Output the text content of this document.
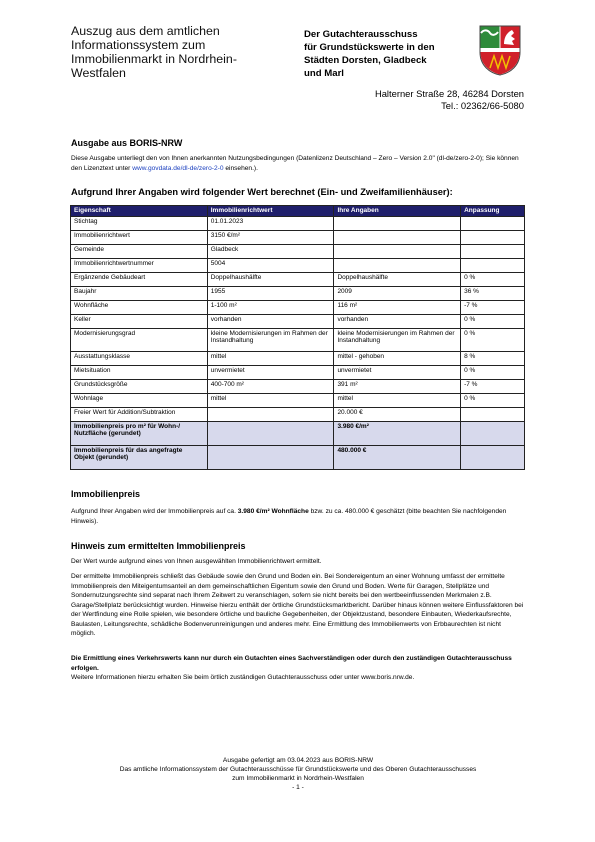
Auszug aus dem amtlichen
Informationssystem zum
Immobilienmarkt in Nordrhein-
Westfalen
Der Gutachterausschuss
für Grundstückswerte in den
Städten Dorsten, Gladbeck
und Marl
Halterner Straße 28, 46284 Dorsten
Tel.: 02362/66-5080
Ausgabe aus BORIS-NRW
Diese Ausgabe unterliegt den von Ihnen anerkannten Nutzungsbedingungen (Datenlizenz Deutschland – Zero – Version 2.0" (dl-de/zero-2-0); Sie können den Lizenztext unter www.govdata.de/dl-de/zero-2-0 einsehen.).
Aufgrund Ihrer Angaben wird folgender Wert berechnet (Ein- und Zweifamilienhäuser):
Eigenschaft	Immobilienrichtwert	Ihre Angaben	Anpassung
Stichtag	01.01.2023		
Immobilienrichtwert	3150 €/m²		
Gemeinde	Gladbeck		
Immobilienrichtwertnummer	5004		
Ergänzende Gebäudeart	Doppelhaushälfte	Doppelhaushälfte	0 %
Baujahr	1955	2009	36 %
Wohnfläche	1-100 m²	116 m²	-7 %
Keller	vorhanden	vorhanden	0 %
Modernisierungsgrad	kleine Modernisierungen im Rahmen der Instandhaltung	kleine Modernisierungen im Rahmen der Instandhaltung	0 %
Ausstattungsklasse	mittel	mittel - gehoben	8 %
Mietsituation	unvermietet	unvermietet	0 %
Grundstücksgröße	400-700 m²	391 m²	-7 %
Wohnlage	mittel	mittel	0 %
Freier Wert für Addition/Subtraktion		20.000 €	
Immobilienpreis pro m² für Wohn-/ Nutzfläche (gerundet)		3.980 €/m²	
Immobilienpreis für das angefragte Objekt (gerundet)		480.000 €	
Immobilienpreis
Aufgrund Ihrer Angaben wird der Immobilienpreis auf ca. 3.980 €/m² Wohnfläche bzw. zu ca. 480.000 € geschätzt (bitte beachten Sie nachfolgenden Hinweis).
Hinweis zum ermittelten Immobilienpreis
Der Wert wurde aufgrund eines von Ihnen ausgewählten Immobilienrichtwert ermittelt.
Der ermittelte Immobilienpreis schließt das Gebäude sowie den Grund und Boden ein. Bei Sondereigentum an einer Wohnung umfasst der ermittelte Immobilienpreis den Miteigentumsanteil an dem gemeinschaftlichen Eigentum sowie den Grund und Boden. Werte für Garagen, Stellplätze und Sondernutzungsrechte sind separat nach Ihrem Zeitwert zu veranschlagen, sofern sie nicht bereits bei den wertbeeinflussenden Merkmalen z.B. Garage/Stellplatz berücksichtigt wurden. Hinweise hierzu enthält der örtliche Grundstücksmarktbericht. Darüber hinaus können weitere Einflussfaktoren bei der Wertfindung eine Rolle spielen, wie besondere örtliche und bauliche Gegebenheiten, der Objektzustand, besondere Einbauten, Wiederkaufsrechte, Baulasten, Leitungsrechte, schädliche Bodenverunreinigungen und anderes mehr. Eine Ermittlung des Immobilienwerts von Erbbaurechten ist nicht möglich.
Die Ermittlung eines Verkehrswerts kann nur durch ein Gutachten eines Sachverständigen oder durch den zuständigen Gutachterausschuss erfolgen.
Weitere Informationen hierzu erhalten Sie beim örtlich zuständigen Gutachterausschuss oder unter www.boris.nrw.de.
Ausgabe gefertigt am 03.04.2023 aus BORIS-NRW
Das amtliche Informationssystem der Gutachterausschüsse für Grundstückswerte und des Oberen Gutachterausschusses
zum Immobilienmarkt in Nordrhein-Westfalen
- 1 -
